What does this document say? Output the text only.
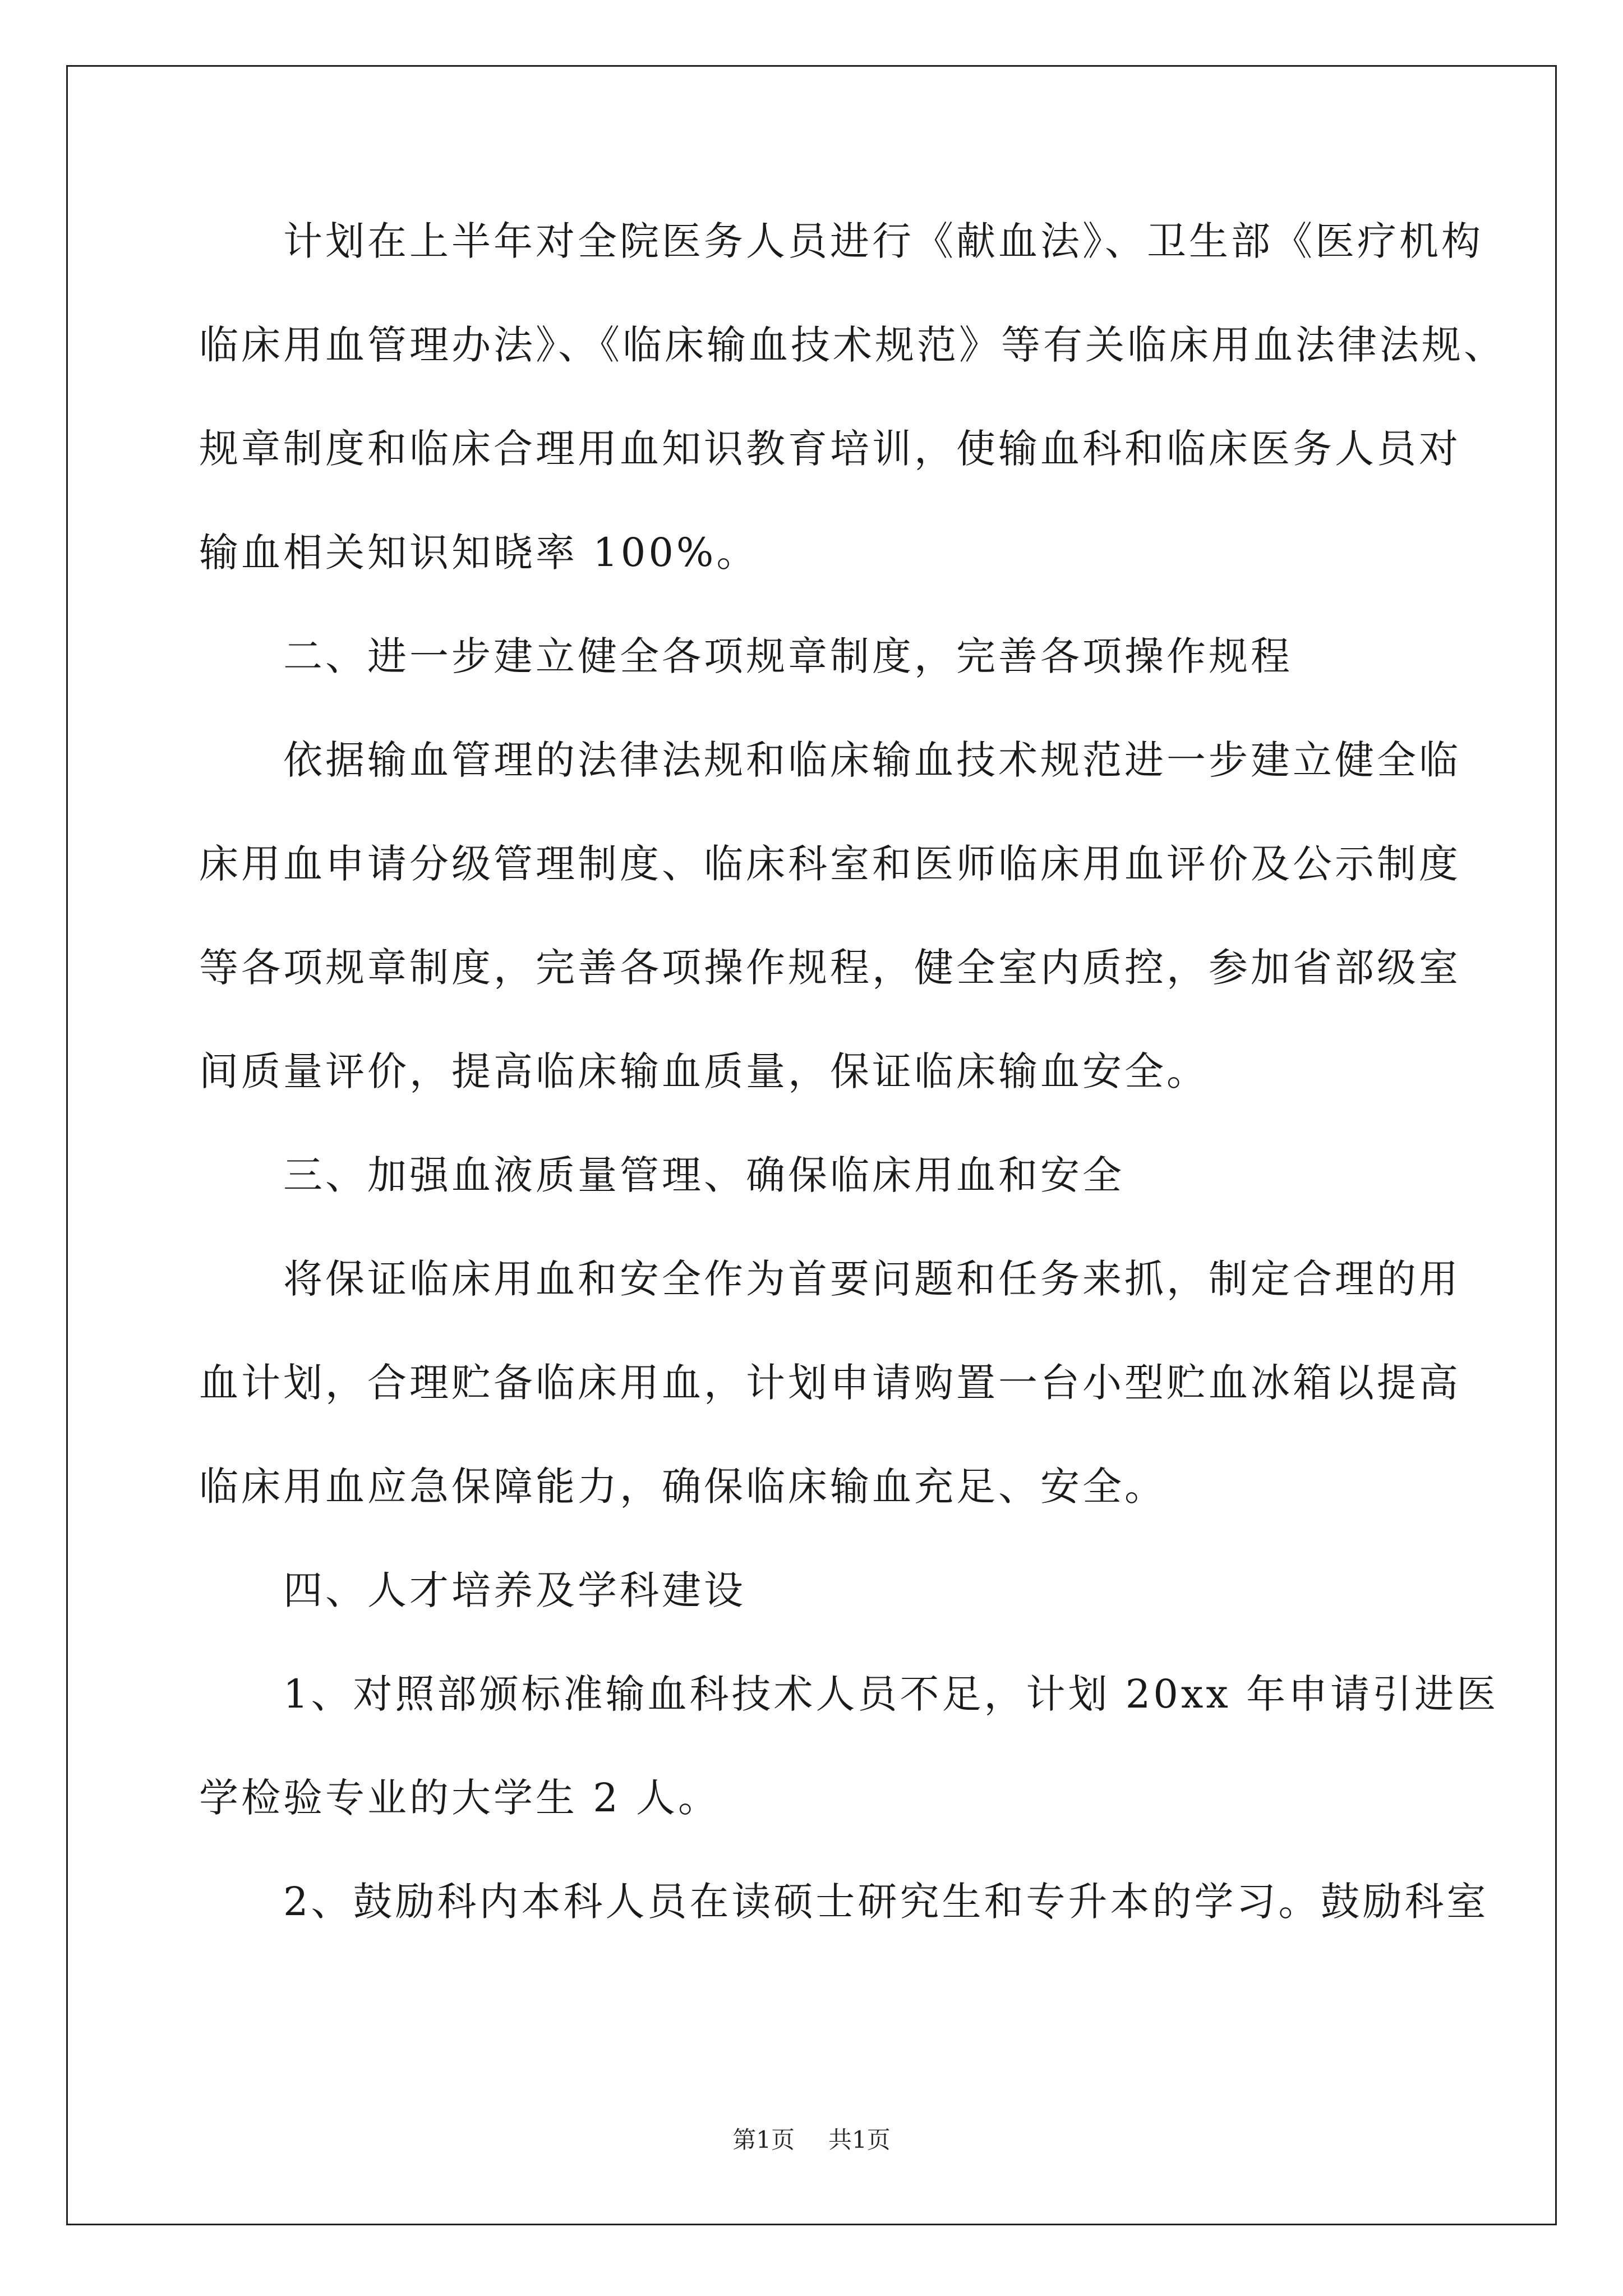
计划在上半年对全院医务人员进行《献血法》、卫生部《医疗机构
临床用血管理办法》、《临床输血技术规范》等有关临床用血法律法规、
规章制度和临床合理用血知识教育培训，使输血科和临床医务人员对
输血相关知识知晓率 100%。
二、进一步建立健全各项规章制度，完善各项操作规程
依据输血管理的法律法规和临床输血技术规范进一步建立健全临
床用血申请分级管理制度、临床科室和医师临床用血评价及公示制度
等各项规章制度，完善各项操作规程，健全室内质控，参加省部级室
间质量评价，提高临床输血质量，保证临床输血安全。
三、加强血液质量管理、确保临床用血和安全
将保证临床用血和安全作为首要问题和任务来抓，制定合理的用
血计划，合理贮备临床用血，计划申请购置一台小型贮血冰箱以提高
临床用血应急保障能力，确保临床输血充足、安全。
四、人才培养及学科建设
1、对照部颁标准输血科技术人员不足，计划 20xx 年申请引进医
学检验专业的大学生 2 人。
2、鼓励科内本科人员在读硕士研究生和专升本的学习。鼓励科室
第1页 共1页
